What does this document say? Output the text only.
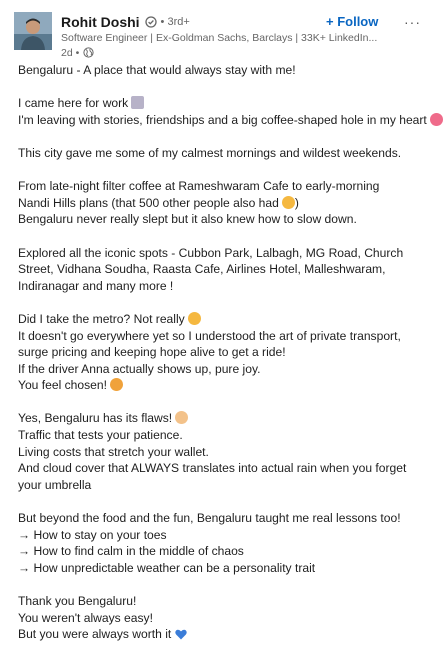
Rohit Doshi • 3rd+
Software Engineer | Ex-Goldman Sachs, Barclays | 33K+ LinkedIn...
2d •
+ Follow ···
Bengaluru - A place that would always stay with me!
I came here for work
I'm leaving with stories, friendships and a big coffee-shaped hole in my heart
This city gave me some of my calmest mornings and wildest weekends.
From late-night filter coffee at Rameshwaram Cafe to early-morning Nandi Hills plans (that 500 other people also had )
Bengaluru never really slept but it also knew how to slow down.
Explored all the iconic spots - Cubbon Park, Lalbagh, MG Road, Church Street, Vidhana Soudha, Raasta Cafe, Airlines Hotel, Malleshwaram, Indiranagar and many more !
Did I take the metro? Not really
It doesn't go everywhere yet so I understood the art of private transport, surge pricing and keeping hope alive to get a ride!
If the driver Anna actually shows up, pure joy.
You feel chosen!
Yes, Bengaluru has its flaws!
Traffic that tests your patience.
Living costs that stretch your wallet.
And cloud cover that ALWAYS translates into actual rain when you forget your umbrella
But beyond the food and the fun, Bengaluru taught me real lessons too!
→ How to stay on your toes
→ How to find calm in the middle of chaos
→ How unpredictable weather can be a personality trait
Thank you Bengaluru!
You weren't always easy!
But you were always worth it
